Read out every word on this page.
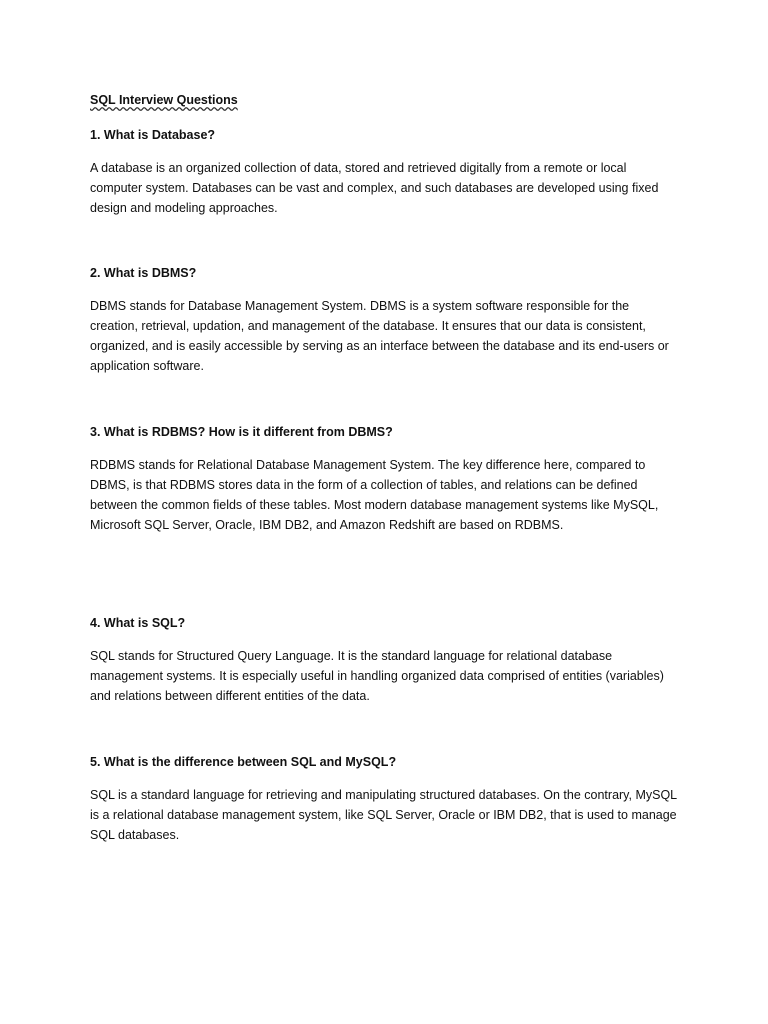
SQL Interview Questions
1. What is Database?

A database is an organized collection of data, stored and retrieved digitally from a remote or local computer system. Databases can be vast and complex, and such databases are developed using fixed design and modeling approaches.

2. What is DBMS?

DBMS stands for Database Management System. DBMS is a system software responsible for the creation, retrieval, updation, and management of the database. It ensures that our data is consistent, organized, and is easily accessible by serving as an interface between the database and its end-users or application software.

3. What is RDBMS? How is it different from DBMS?

RDBMS stands for Relational Database Management System. The key difference here, compared to DBMS, is that RDBMS stores data in the form of a collection of tables, and relations can be defined between the common fields of these tables. Most modern database management systems like MySQL, Microsoft SQL Server, Oracle, IBM DB2, and Amazon Redshift are based on RDBMS.

4. What is SQL?

SQL stands for Structured Query Language. It is the standard language for relational database management systems. It is especially useful in handling organized data comprised of entities (variables) and relations between different entities of the data.

5. What is the difference between SQL and MySQL?

SQL is a standard language for retrieving and manipulating structured databases. On the contrary, MySQL is a relational database management system, like SQL Server, Oracle or IBM DB2, that is used to manage SQL databases.
